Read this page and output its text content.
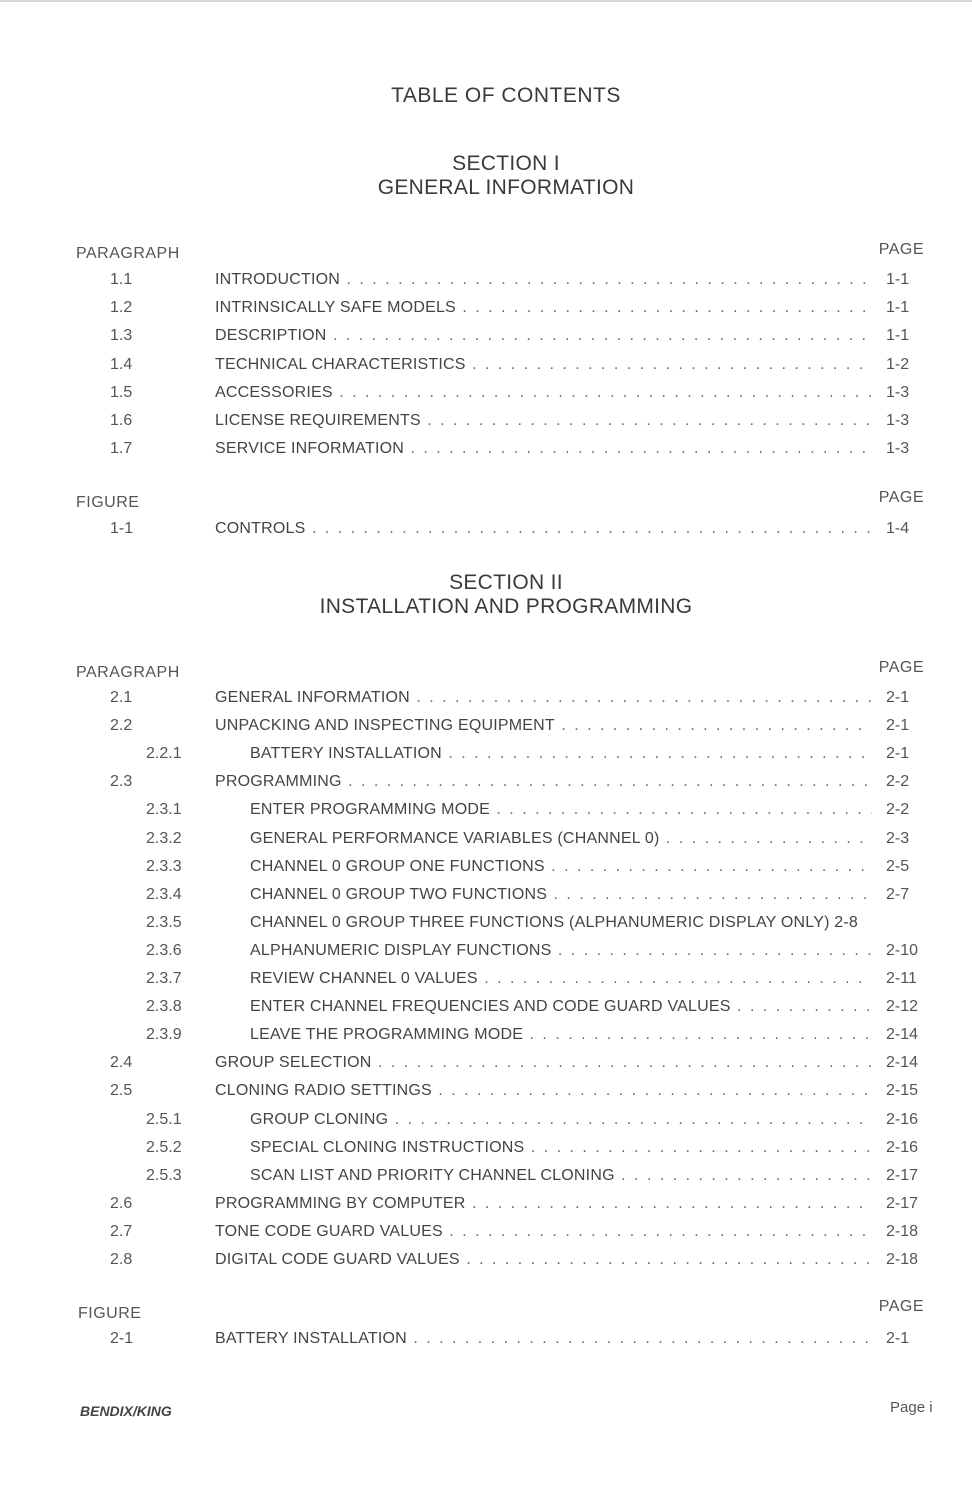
TABLE OF CONTENTS
SECTION I
GENERAL INFORMATION
PARAGRAPH	PAGE
1.1	INTRODUCTION . . .	1-1
1.2	INTRINSICALLY SAFE MODELS . . .	1-1
1.3	DESCRIPTION . . .	1-1
1.4	TECHNICAL CHARACTERISTICS . . .	1-2
1.5	ACCESSORIES . . .	1-3
1.6	LICENSE REQUIREMENTS . . .	1-3
1.7	SERVICE INFORMATION . . .	1-3
FIGURE	PAGE
1-1	CONTROLS . . .	1-4
SECTION II
INSTALLATION AND PROGRAMMING
PARAGRAPH	PAGE
2.1	GENERAL INFORMATION . . .	2-1
2.2	UNPACKING AND INSPECTING EQUIPMENT . . .	2-1
2.2.1	BATTERY INSTALLATION . . .	2-1
2.3	PROGRAMMING . . .	2-2
2.3.1	ENTER PROGRAMMING MODE . . .	2-2
2.3.2	GENERAL PERFORMANCE VARIABLES (CHANNEL 0) . . .	2-3
2.3.3	CHANNEL 0 GROUP ONE FUNCTIONS . . .	2-5
2.3.4	CHANNEL 0 GROUP TWO FUNCTIONS . . .	2-7
2.3.5	CHANNEL 0 GROUP THREE FUNCTIONS (ALPHANUMERIC DISPLAY ONLY) 2-8
2.3.6	ALPHANUMERIC DISPLAY FUNCTIONS . . .	2-10
2.3.7	REVIEW CHANNEL 0 VALUES . . .	2-11
2.3.8	ENTER CHANNEL FREQUENCIES AND CODE GUARD VALUES . . .	2-12
2.3.9	LEAVE THE PROGRAMMING MODE . . .	2-14
2.4	GROUP SELECTION . . .	2-14
2.5	CLONING RADIO SETTINGS . . .	2-15
2.5.1	GROUP CLONING . . .	2-16
2.5.2	SPECIAL CLONING INSTRUCTIONS . . .	2-16
2.5.3	SCAN LIST AND PRIORITY CHANNEL CLONING . . .	2-17
2.6	PROGRAMMING BY COMPUTER . . .	2-17
2.7	TONE CODE GUARD VALUES . . .	2-18
2.8	DIGITAL CODE GUARD VALUES . . .	2-18
FIGURE	PAGE
2-1	BATTERY INSTALLATION . . .	2-1
BENDIX/KING	Page i
